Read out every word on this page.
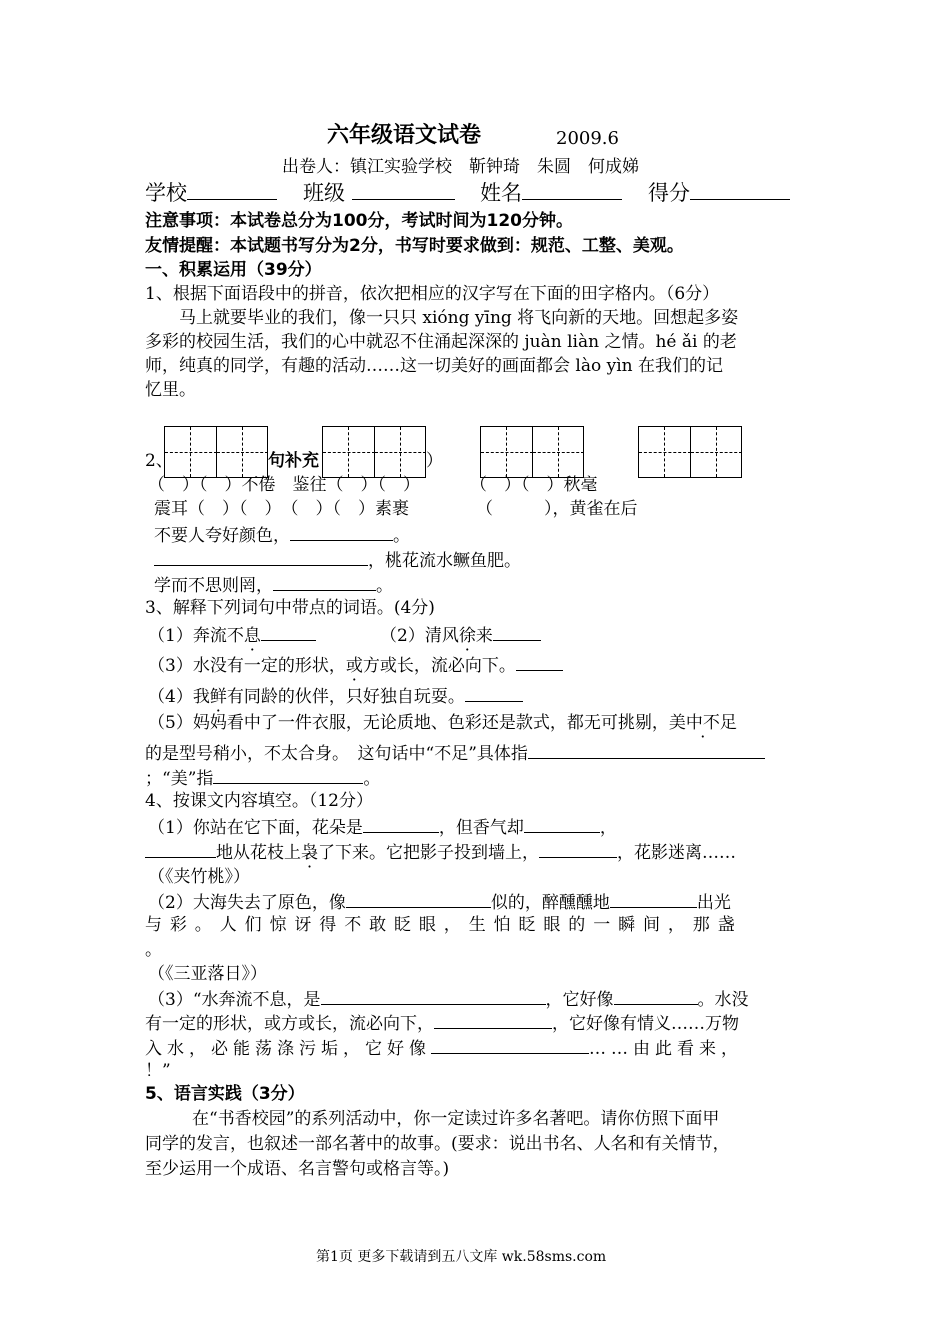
六年级语文试卷	2009.6
出卷人：镇江实验学校　靳钟琦　朱圆　何成娣
学校	班级	姓名	得分
注意事项：本试卷总分为100分，考试时间为120分钟。
友情提醒：本试题书写分为2分，书写时要求做到：规范、工整、美观。
一、积累运用（39分）
1、根据下面语段中的拼音，依次把相应的汉字写在下面的田字格内。（6分）
马上就要毕业的我们，像一只只 xióng yīng 将飞向新的天地。回想起多姿
多彩的校园生活，我们的心中就忍不住涌起深深的 juàn liàn 之情。hé ǎi 的老
师，纯真的同学，有趣的活动……这一切美好的画面都会 lào yìn 在我们的记
忆里。
2、	句补充	）
（　）（　）不倦　鉴往（　）（　）	（　）（　）秋毫
震耳（　）（　）　（　）（　）素裹	（　　　），黄雀在后
不要人夸好颜色，	。
，桃花流水鳜鱼肥。
学而不思则罔，	。
3、解释下列词句中带点的词语。(4分)
（1）奔流不息	（2）清风徐来
（3）水没有一定的形状，或方或长，流必向下。
（4）我鲜有同龄的伙伴，只好独自玩耍。
（5）妈妈看中了一件衣服，无论质地、色彩还是款式，都无可挑剔，美中不足
的是型号稍小，不太合身。　这句话中“不足”具体指
；“美”指	。
4、按课文内容填空。（12分）
（1）你站在它下面，花朵是	，但香气却	，
地从花枝上袅了下来。它把影子投到墙上，	，花影迷离……
（《夹竹桃》）
（2）大海失去了原色，像	似的，醉醺醺地	出光
与彩。人们惊讶得不敢眨眼，生怕眨眼的一瞬间，那盏
。
（《三亚落日》）
（3）“水奔流不息，是	，它好像	。水没
有一定的形状，或方或长，流必向下，	，它好像有情义……万物
入水，必能荡涤污垢，它好像	……由此看来，
！”
5、语言实践（3分）
在“书香校园”的系列活动中，你一定读过许多名著吧。请你仿照下面甲
同学的发言，也叙述一部名著中的故事。(要求：说出书名、人名和有关情节，
至少运用一个成语、名言警句或格言等。)
第1页 更多下载请到五八文库 wk.58sms.com
